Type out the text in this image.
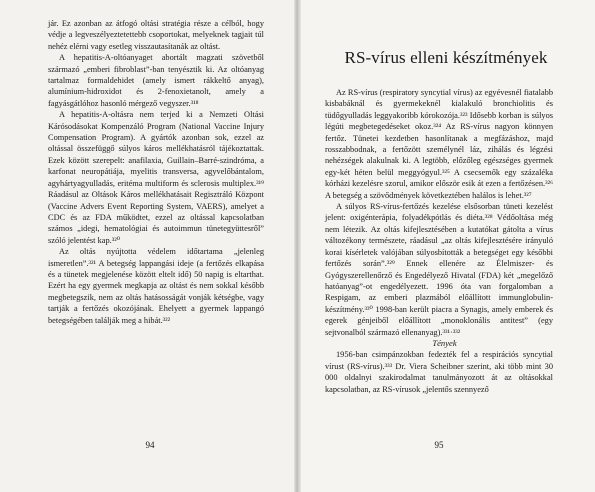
jár. Ez azonban az átfogó oltási stratégia része a célból, hogy védje a legveszélyeztetettebb csoportokat, melyeknek tagjait túl nehéz elérni vagy esetleg visszautasítanák az oltást.

A hepatitis-A-oltóanyaget abortált magzati szövetből származó „emberi fibroblast”-ban tenyésztik ki. Az oltóanyag tartalmaz formaldehidet (amely ismert rákkeltő anyag), alumínium-hidroxidot és 2-fenoxietanolt, amely a fagyásgátlóhoz hasonló mérgező vegyszer.³¹⁸

A hepatitis-A-oltásra nem terjed ki a Nemzeti Oltási Kárósodásokat Kompenzáló Program (National Vaccine Injury Compensation Program). A gyártók azonban sok, ezzel az oltással összefüggő súlyos káros mellékhatásról tájékoztattak. Ezek között szerepelt: anafilaxia, Guillain–Barré-szindróma, a karfonat neuropátiája, myelitis transversa, agyvelőbántalom, agyhártyagyulladás, eritéma multiform és sclerosis multiplex.³¹⁹ Ráadásul az Oltások Káros mellékhatásait Regisztráló Központ (Vaccine Advers Event Reporting System, VAERS), amelyet a CDC és az FDA működtet, ezzel az oltással kapcsolatban számos „idegi, hematológiai és autoimmun tünetegyüttesről” szóló jelentést kap.³²⁰

Az oltás nyújtotta védelem időtartama „jelenleg ismeretlen”.³²¹ A betegség lappangási ideje (a fertőzés elkapása és a tünetek megjelenése között eltelt idő) 50 napig is eltarthat. Ezért ha egy gyermek megkapja az oltást és nem sokkal később megbetegszik, nem az oltás hatásosságát vonják kétségbe, vagy tartják a fertőzés okozójának. Ehelyett a gyermek lappangó betegségében találják meg a hibát.³²²

94
RS-vírus elleni készítmények

Az RS-vírus (respiratory syncytial vírus) az egyévesnél fiatalabb kisbabáknál és gyermekeknél kialakuló bronchiolitis és tüdőgyulladás leggyakoribb kórokozója.³²³ Idősebb korban is súlyos légúti megbetegedéseket okoz.³²⁴ Az RS-vírus nagyon könnyen fertőz. Tünetei kezdetben hasonlítanak a megfázáshoz, majd rosszabbodnak, a fertőzött személynél láz, zihálás és légzési nehézségek alakulnak ki. A legtöbb, előzőleg egészséges gyermek egy-két héten belül meggyógyul.³²⁵ A csecsemők egy százaléka kórházi kezelésre szorul, amikor először esik át ezen a fertőzésen.³²⁶ A betegség a szövődmények következtében halálos is lehet.³²⁷

A súlyos RS-vírus-fertőzés kezelése elsősorban tüneti kezelést jelent: oxigénterápia, folyadékpótlás és diéta.³²⁸ Védőoltása még nem létezik. Az oltás kifejlesztésében a kutatókat gátolta a vírus változékony természete, ráadásul „az oltás kifejlesztésére irányuló korai kísérletek valójában súlyosbították a betegséget egy későbbi fertőzés során”.³²⁹ Ennek ellenére az Élelmiszer- és Gyógyszerellenőrző és Engedélyező Hivatal (FDA) két „megelőző hatóanyag”-ot engedélyezett. 1996 óta van forgalomban a Respigam, az emberi plazmából előállított immunglobulin-készítmény.³³⁰ 1998-ban került piacra a Synagis, amely emberek és egerek génjeiből előállított „monoklonális antitest” (egy sejtvonalból származó ellenanyag).³³¹·³³²

Tények

1956-ban csimpánzokban fedezték fel a respirációs syncytial vírust (RS-vírus).³³³ Dr. Viera Scheibner szerint, aki több mint 30 000 oldalnyi szakirodalmat tanulmányozott át az oltásokkal kapcsolatban, az RS-vírusok „jelentős szennyező

95
